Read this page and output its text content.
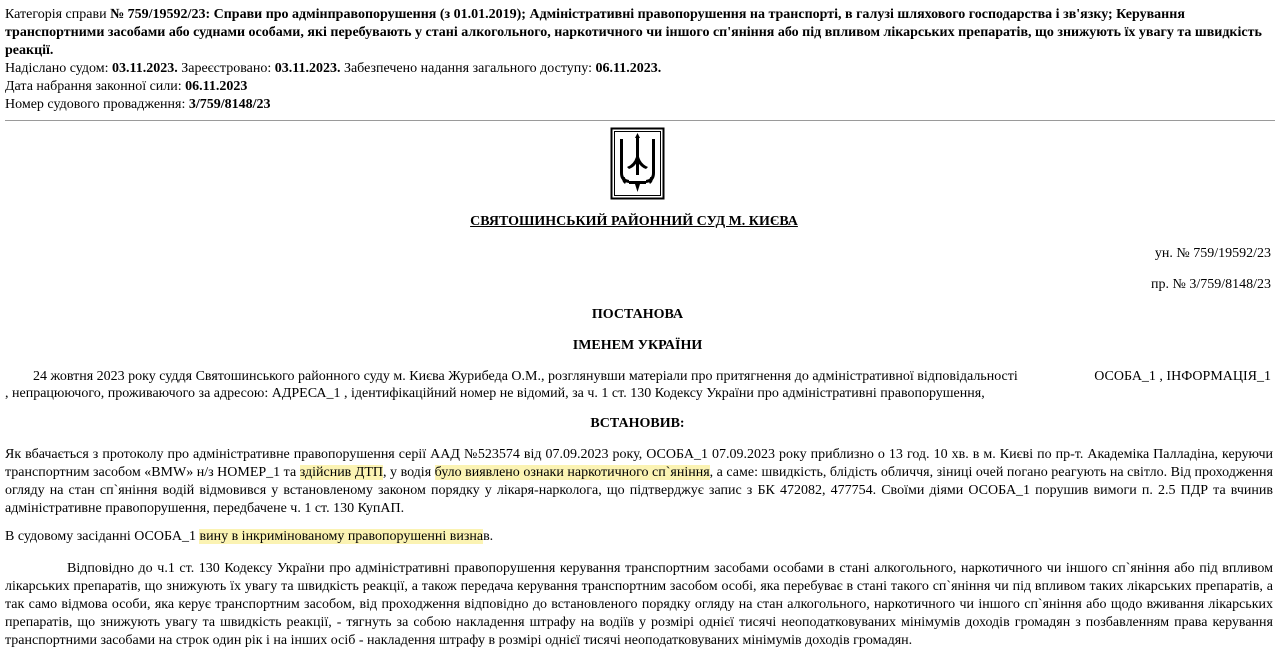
Категорія справи № 759/19592/23: Справи про адмінправопорушення (з 01.01.2019); Адміністративні правопорушення на транспорті, в галузі шляхового господарства і зв'язку; Керування транспортними засобами або суднами особами, які перебувають у стані алкогольного, наркотичного чи іншого сп'яніння або під впливом лікарських препаратів, що знижують їх увагу та швидкість реакції.
Надіслано судом: 03.11.2023. Зареєстровано: 03.11.2023. Забезпечено надання загального доступу: 06.11.2023.
Дата набрання законної сили: 06.11.2023
Номер судового провадження: 3/759/8148/23
СВЯТОШИНСЬКИЙ РАЙОННИЙ СУД М. КИЄВА
ун. № 759/19592/23
пр. № 3/759/8148/23
ПОСТАНОВА
ІМЕНЕМ УКРАЇНИ
24 жовтня 2023 року суддя Святошинського районного суду м. Києва Журибеда О.М., розглянувши матеріали про притягнення до адміністративної відповідальності	ОСОБА_1 , ІНФОРМАЦІЯ_1
, непрацюючого, проживаючого за адресою: АДРЕСА_1 , ідентифікаційний номер не відомий, за ч. 1 ст. 130 Кодексу України про адміністративні правопорушення,
ВСТАНОВИВ:
Як вбачається з протоколу про адміністративне правопорушення серії ААД №523574 від 07.09.2023 року, ОСОБА_1 07.09.2023 року приблизно о 13 год. 10 хв. в м. Києві по пр-т. Академіка Палладіна, керуючи транспортним засобом «BMW» н/з НОМЕР_1 та здійснив ДТП, у водія було виявлено ознаки наркотичного сп`яніння, а саме: швидкість, блідість обличчя, зіниці очей погано реагують на світло. Від проходження огляду на стан сп`яніння водій відмовився у встановленому законом порядку у лікаря-нарколога, що підтверджує запис з БК 472082, 477754. Своїми діями ОСОБА_1 порушив вимоги п. 2.5 ПДР та вчинив адміністративне правопорушення, передбачене ч. 1 ст. 130 КупАП.
В судовому засіданні ОСОБА_1 вину в інкримінованому правопорушенні визнав.
Відповідно до ч.1 ст. 130 Кодексу України про адміністративні правопорушення керування транспортним засобами особами в стані алкогольного, наркотичного чи іншого сп`яніння або під впливом лікарських препаратів, що знижують їх увагу та швидкість реакції, а також передача керування транспортним засобом особі, яка перебуває в стані такого сп`яніння чи під впливом таких лікарських препаратів, а так само відмова особи, яка керує транспортним засобом, від проходження відповідно до встановленого порядку огляду на стан алкогольного, наркотичного чи іншого сп`яніння або щодо вживання лікарських препаратів, що знижують увагу та швидкість реакції, - тягнуть за собою накладення штрафу на водіїв у розмірі однієї тисячі неоподатковуваних мінімумів доходів громадян з позбавленням права керування транспортними засобами на строк один рік і на інших осіб - накладення штрафу в розмірі однієї тисячі неоподатковуваних мінімумів доходів громадян.
